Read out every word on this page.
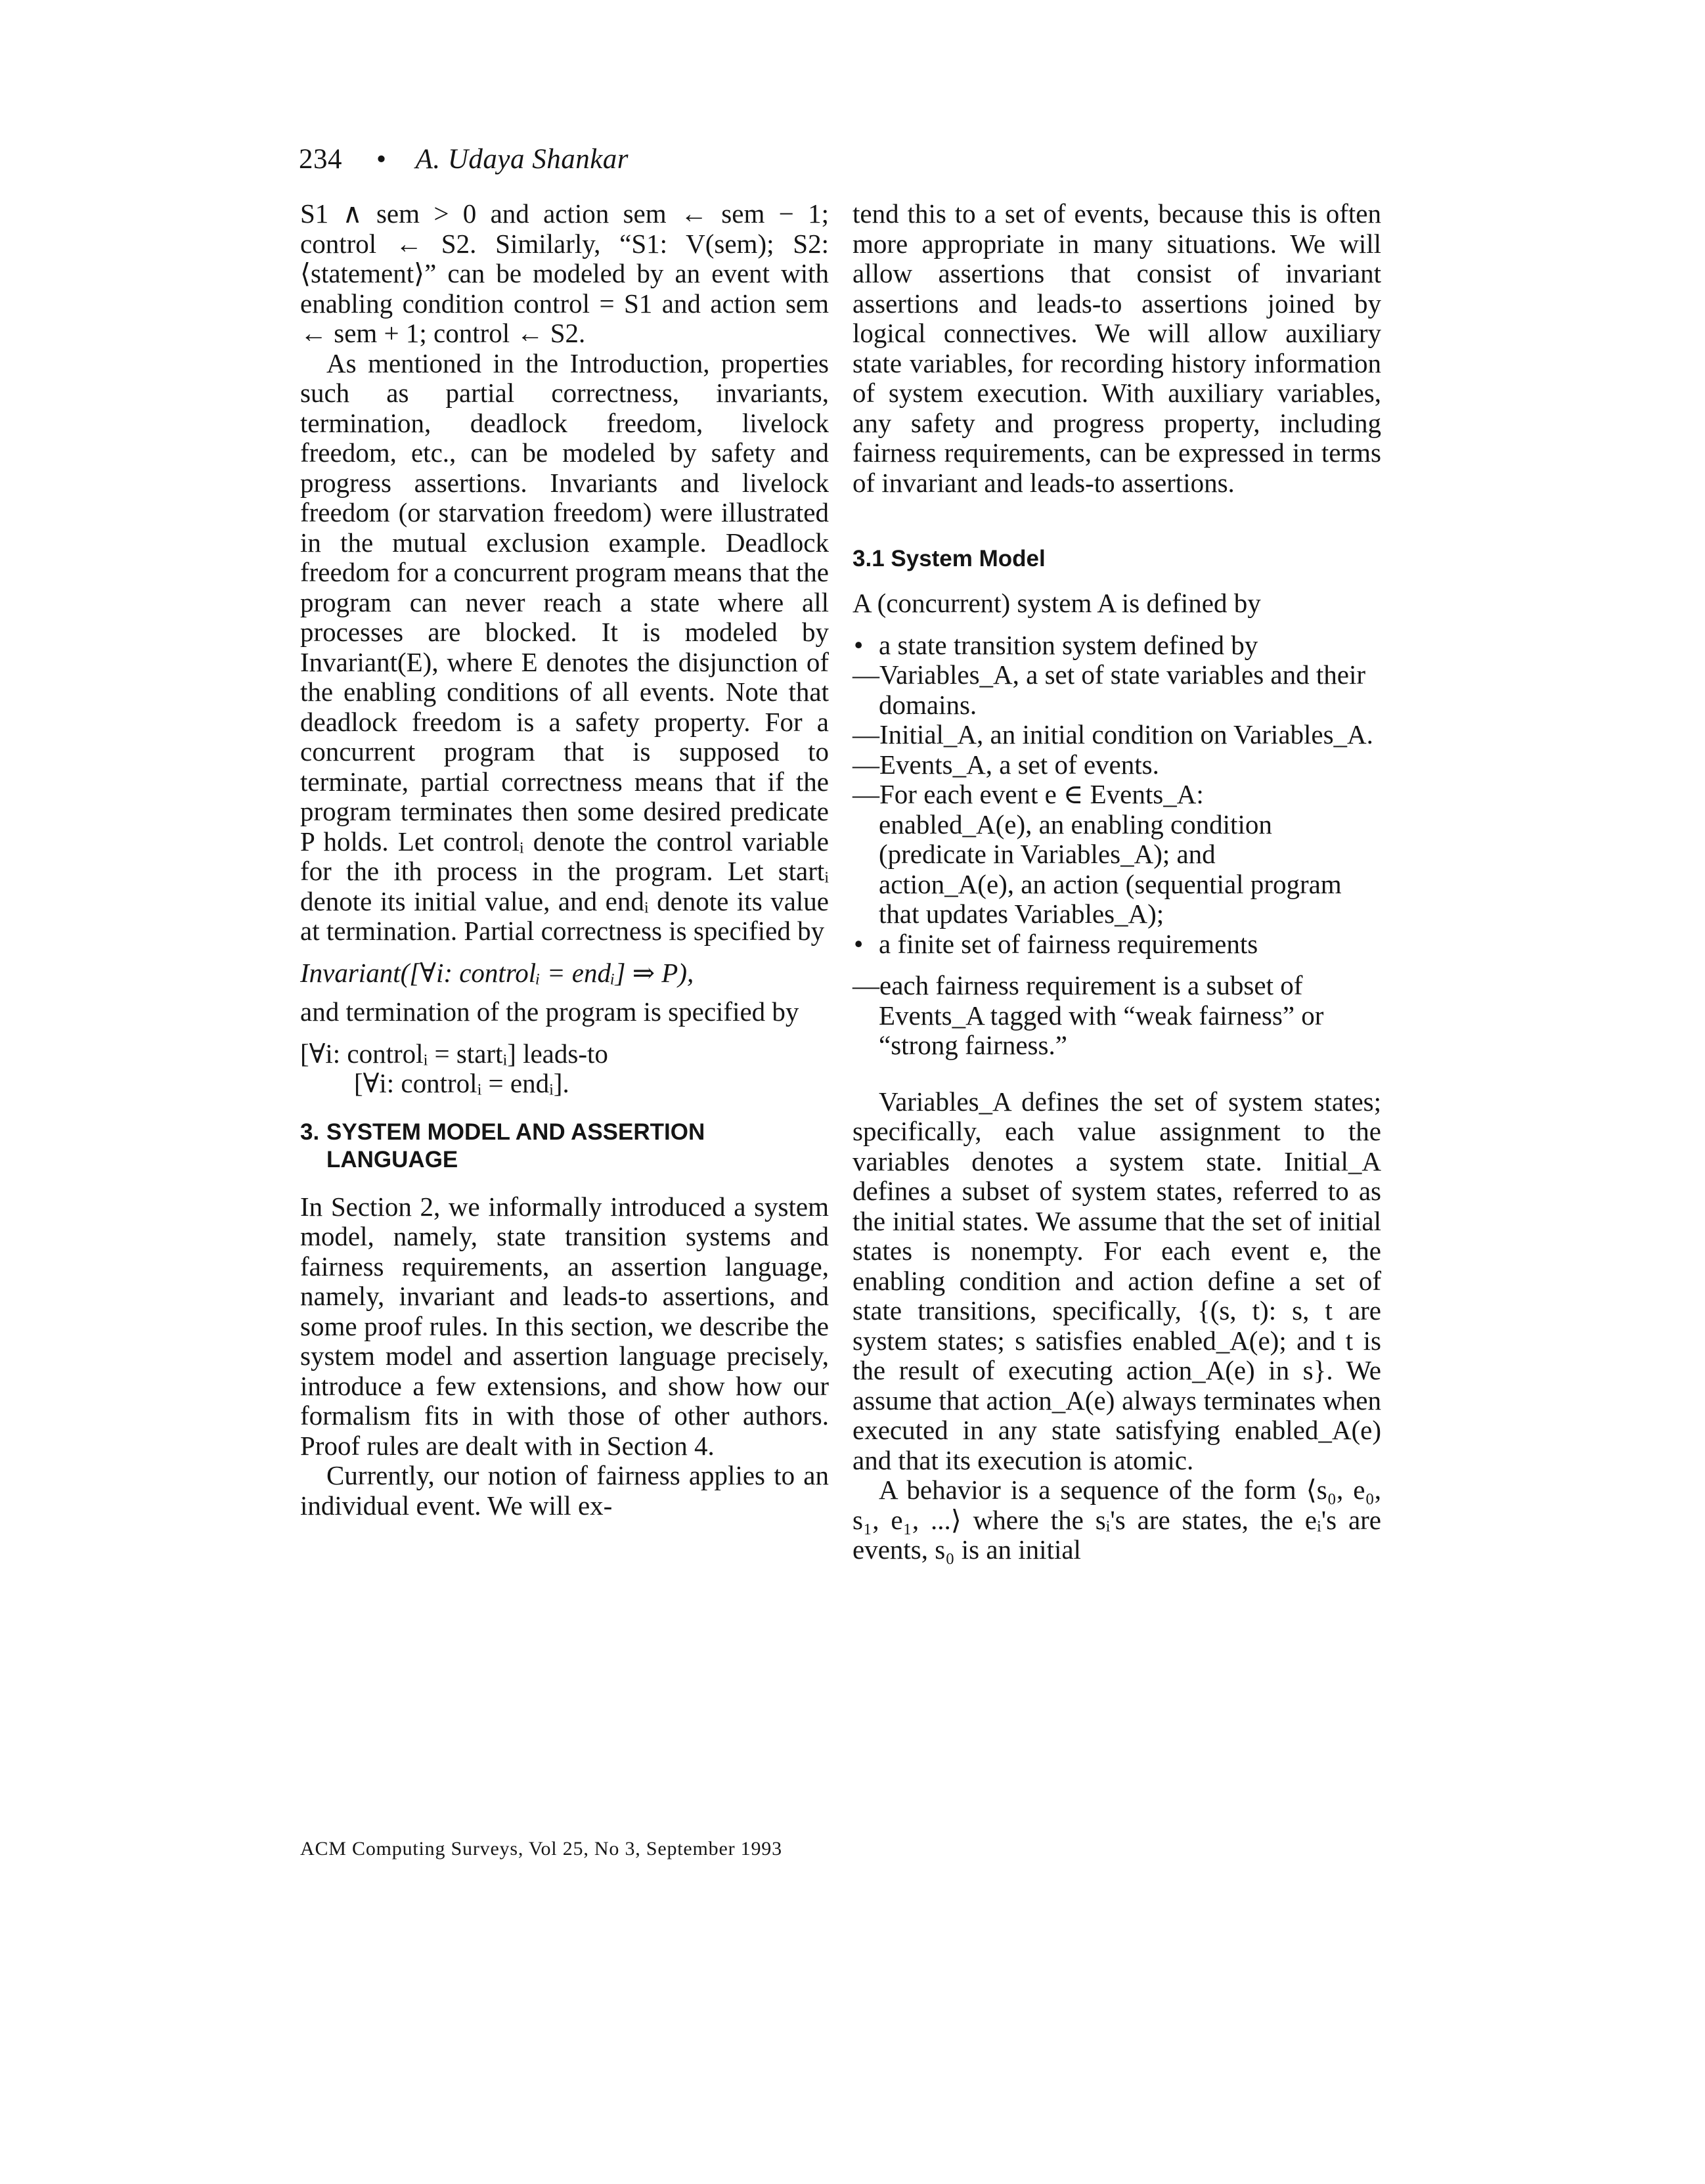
234 • A. Udaya Shankar

S1 ∧ sem > 0 and action sem ← sem − 1; control ← S2. Similarly, “S1: V(sem); S2: ⟨statement⟩” can be modeled by an event with enabling condition control = S1 and action sem ← sem + 1; control ← S2.

As mentioned in the Introduction, properties such as partial correctness, invariants, termination, deadlock freedom, livelock freedom, etc., can be modeled by safety and progress assertions. Invariants and livelock freedom (or starvation freedom) were illustrated in the mutual exclusion example. Deadlock freedom for a concurrent program means that the program can never reach a state where all processes are blocked. It is modeled by Invariant(E), where E denotes the disjunction of the enabling conditions of all events. Note that deadlock freedom is a safety property. For a concurrent program that is supposed to terminate, partial correctness means that if the program terminates then some desired predicate P holds. Let controlᵢ denote the control variable for the ith process in the program. Let startᵢ denote its initial value, and endᵢ denote its value at termination. Partial correctness is specified by

Invariant([∀i: controlᵢ = endᵢ] ⇒ P),

and termination of the program is specified by

[∀i: controlᵢ = startᵢ] leads-to
[∀i: controlᵢ = endᵢ].
3. SYSTEM MODEL AND ASSERTION
LANGUAGE

In Section 2, we informally introduced a system model, namely, state transition systems and fairness requirements, an assertion language, namely, invariant and leads-to assertions, and some proof rules. In this section, we describe the system model and assertion language precisely, introduce a few extensions, and show how our formalism fits in with those of other authors. Proof rules are dealt with in Section 4.

Currently, our notion of fairness applies to an individual event. We will ex-

tend this to a set of events, because this is often more appropriate in many situations. We will allow assertions that consist of invariant assertions and leads-to assertions joined by logical connectives. We will allow auxiliary state variables, for recording history information of system execution. With auxiliary variables, any safety and progress property, including fairness requirements, can be expressed in terms of invariant and leads-to assertions.

3.1 System Model

A (concurrent) system A is defined by

• a state transition system defined by
—Variables_A, a set of state variables and their domains.
—Initial_A, an initial condition on Variables_A.
—Events_A, a set of events.
—For each event e ∈ Events_A:
enabled_A(e), an enabling condition (predicate in Variables_A); and
action_A(e), an action (sequential program that updates Variables_A);
• a finite set of fairness requirements
—each fairness requirement is a subset of Events_A tagged with “weak fairness” or “strong fairness.”

Variables_A defines the set of system states; specifically, each value assignment to the variables denotes a system state. Initial_A defines a subset of system states, referred to as the initial states. We assume that the set of initial states is nonempty. For each event e, the enabling condition and action define a set of state transitions, specifically, {(s, t): s, t are system states; s satisfies enabled_A(e); and t is the result of executing action_A(e) in s}. We assume that action_A(e) always terminates when executed in any state satisfying enabled_A(e) and that its execution is atomic.

A behavior is a sequence of the form ⟨s₀, e₀, s₁, e₁, ...⟩ where the sᵢ's are states, the eᵢ's are events, s₀ is an initial

ACM Computing Surveys, Vol 25, No 3, September 1993
